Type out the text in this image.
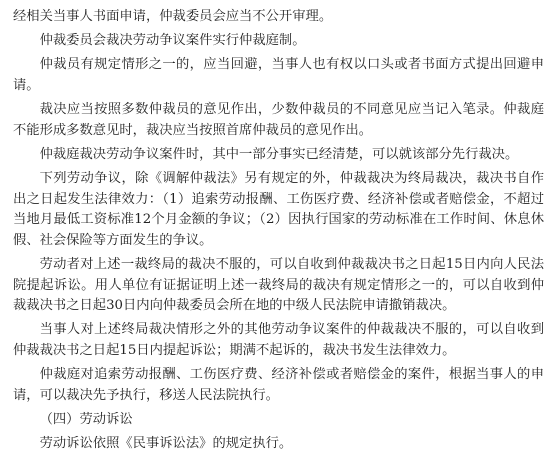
经相关当事人书面申请，仲裁委员会应当不公开审理。

仲裁委员会裁决劳动争议案件实行仲裁庭制。

仲裁员有规定情形之一的，应当回避，当事人也有权以口头或者书面方式提出回避申请。

裁决应当按照多数仲裁员的意见作出，少数仲裁员的不同意见应当记入笔录。仲裁庭不能形成多数意见时，裁决应当按照首席仲裁员的意见作出。

仲裁庭裁决劳动争议案件时，其中一部分事实已经清楚，可以就该部分先行裁决。

下列劳动争议，除《调解仲裁法》另有规定的外，仲裁裁决为终局裁决，裁决书自作出之日起发生法律效力：（1）追索劳动报酬、工伤医疗费、经济补偿或者赔偿金，不超过当地月最低工资标准12个月金额的争议；（2）因执行国家的劳动标准在工作时间、休息休假、社会保险等方面发生的争议。

劳动者对上述一裁终局的裁决不服的，可以自收到仲裁裁决书之日起15日内向人民法院提起诉讼。用人单位有证据证明上述一裁终局的裁决有规定情形之一的，可以自收到仲裁裁决书之日起30日内向仲裁委员会所在地的中级人民法院申请撤销裁决。

当事人对上述终局裁决情形之外的其他劳动争议案件的仲裁裁决不服的，可以自收到仲裁裁决书之日起15日内提起诉讼；期满不起诉的，裁决书发生法律效力。

仲裁庭对追索劳动报酬、工伤医疗费、经济补偿或者赔偿金的案件，根据当事人的申请，可以裁决先予执行，移送人民法院执行。

（四）劳动诉讼

劳动诉讼依照《民事诉讼法》的规定执行。
